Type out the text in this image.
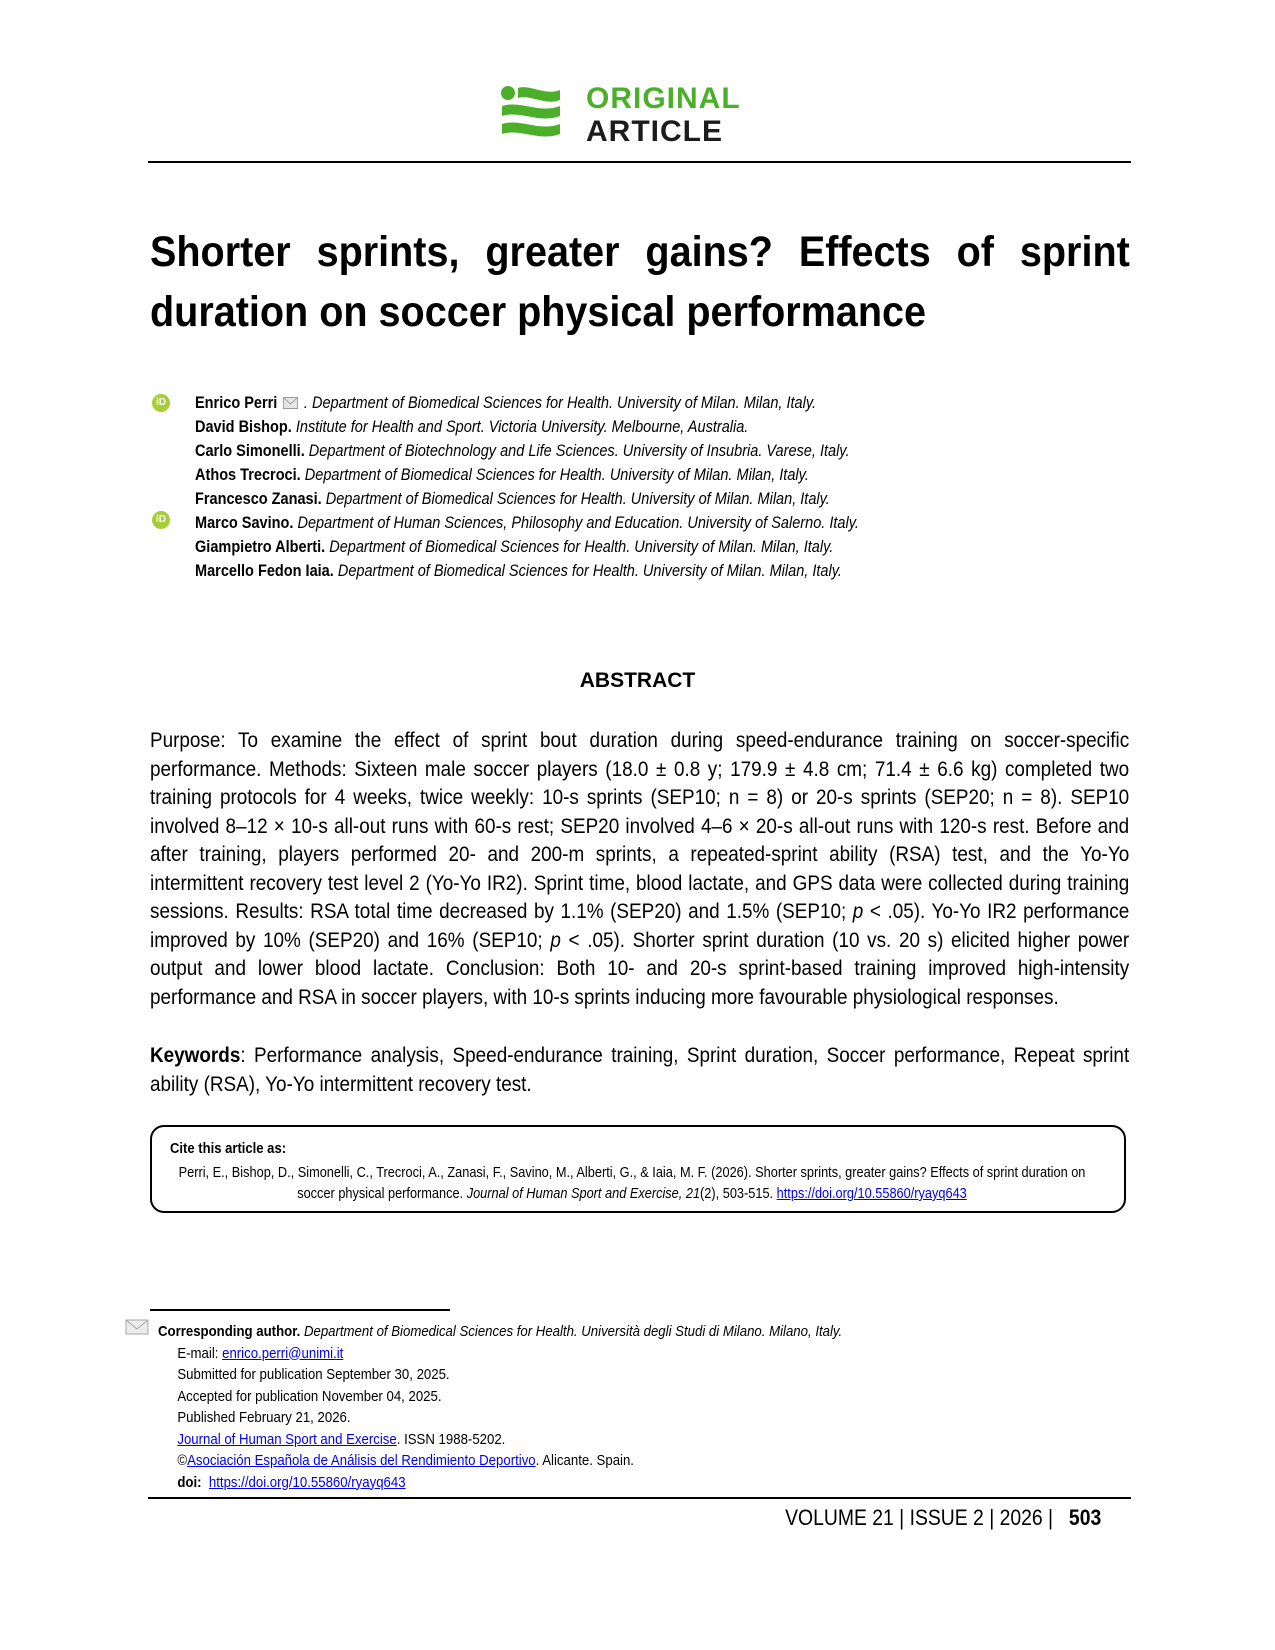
ORIGINAL
ARTICLE
Shorter sprints, greater gains? Effects of sprint duration on soccer physical performance
iD
iD
Enrico Perri  . Department of Biomedical Sciences for Health. University of Milan. Milan, Italy.
David Bishop. Institute for Health and Sport. Victoria University. Melbourne, Australia.
Carlo Simonelli. Department of Biotechnology and Life Sciences. University of Insubria. Varese, Italy.
Athos Trecroci. Department of Biomedical Sciences for Health. University of Milan. Milan, Italy.
Francesco Zanasi. Department of Biomedical Sciences for Health. University of Milan. Milan, Italy.
Marco Savino. Department of Human Sciences, Philosophy and Education. University of Salerno. Italy.
Giampietro Alberti. Department of Biomedical Sciences for Health. University of Milan. Milan, Italy.
Marcello Fedon Iaia. Department of Biomedical Sciences for Health. University of Milan. Milan, Italy.
ABSTRACT

Purpose: To examine the effect of sprint bout duration during speed-endurance training on soccer-specific performance. Methods: Sixteen male soccer players (18.0 ± 0.8 y; 179.9 ± 4.8 cm; 71.4 ± 6.6 kg) completed two training protocols for 4 weeks, twice weekly: 10-s sprints (SEP10; n = 8) or 20-s sprints (SEP20; n = 8). SEP10 involved 8–12 × 10-s all-out runs with 60-s rest; SEP20 involved 4–6 × 20-s all-out runs with 120-s rest. Before and after training, players performed 20- and 200-m sprints, a repeated-sprint ability (RSA) test, and the Yo-Yo intermittent recovery test level 2 (Yo-Yo IR2). Sprint time, blood lactate, and GPS data were collected during training sessions. Results: RSA total time decreased by 1.1% (SEP20) and 1.5% (SEP10; p < .05). Yo-Yo IR2 performance improved by 10% (SEP20) and 16% (SEP10; p < .05). Shorter sprint duration (10 vs. 20 s) elicited higher power output and lower blood lactate. Conclusion: Both 10- and 20-s sprint-based training improved high-intensity performance and RSA in soccer players, with 10-s sprints inducing more favourable physiological responses.

Keywords: Performance analysis, Speed-endurance training, Sprint duration, Soccer performance, Repeat sprint ability (RSA), Yo-Yo intermittent recovery test.

Cite this article as:
Perri, E., Bishop, D., Simonelli, C., Trecroci, A., Zanasi, F., Savino, M., Alberti, G., & Iaia, M. F. (2026). Shorter sprints, greater gains? Effects of sprint duration on soccer physical performance. Journal of Human Sport and Exercise, 21(2), 503-515. https://doi.org/10.55860/ryayq643
Corresponding author. Department of Biomedical Sciences for Health. Università degli Studi di Milano. Milano, Italy.
E-mail: enrico.perri@unimi.it
Submitted for publication September 30, 2025.
Accepted for publication November 04, 2025.
Published February 21, 2026.
Journal of Human Sport and Exercise. ISSN 1988-5202.
©Asociación Española de Análisis del Rendimiento Deportivo. Alicante. Spain.
doi: https://doi.org/10.55860/ryayq643
VOLUME 21 | ISSUE 2 | 2026 | 503
